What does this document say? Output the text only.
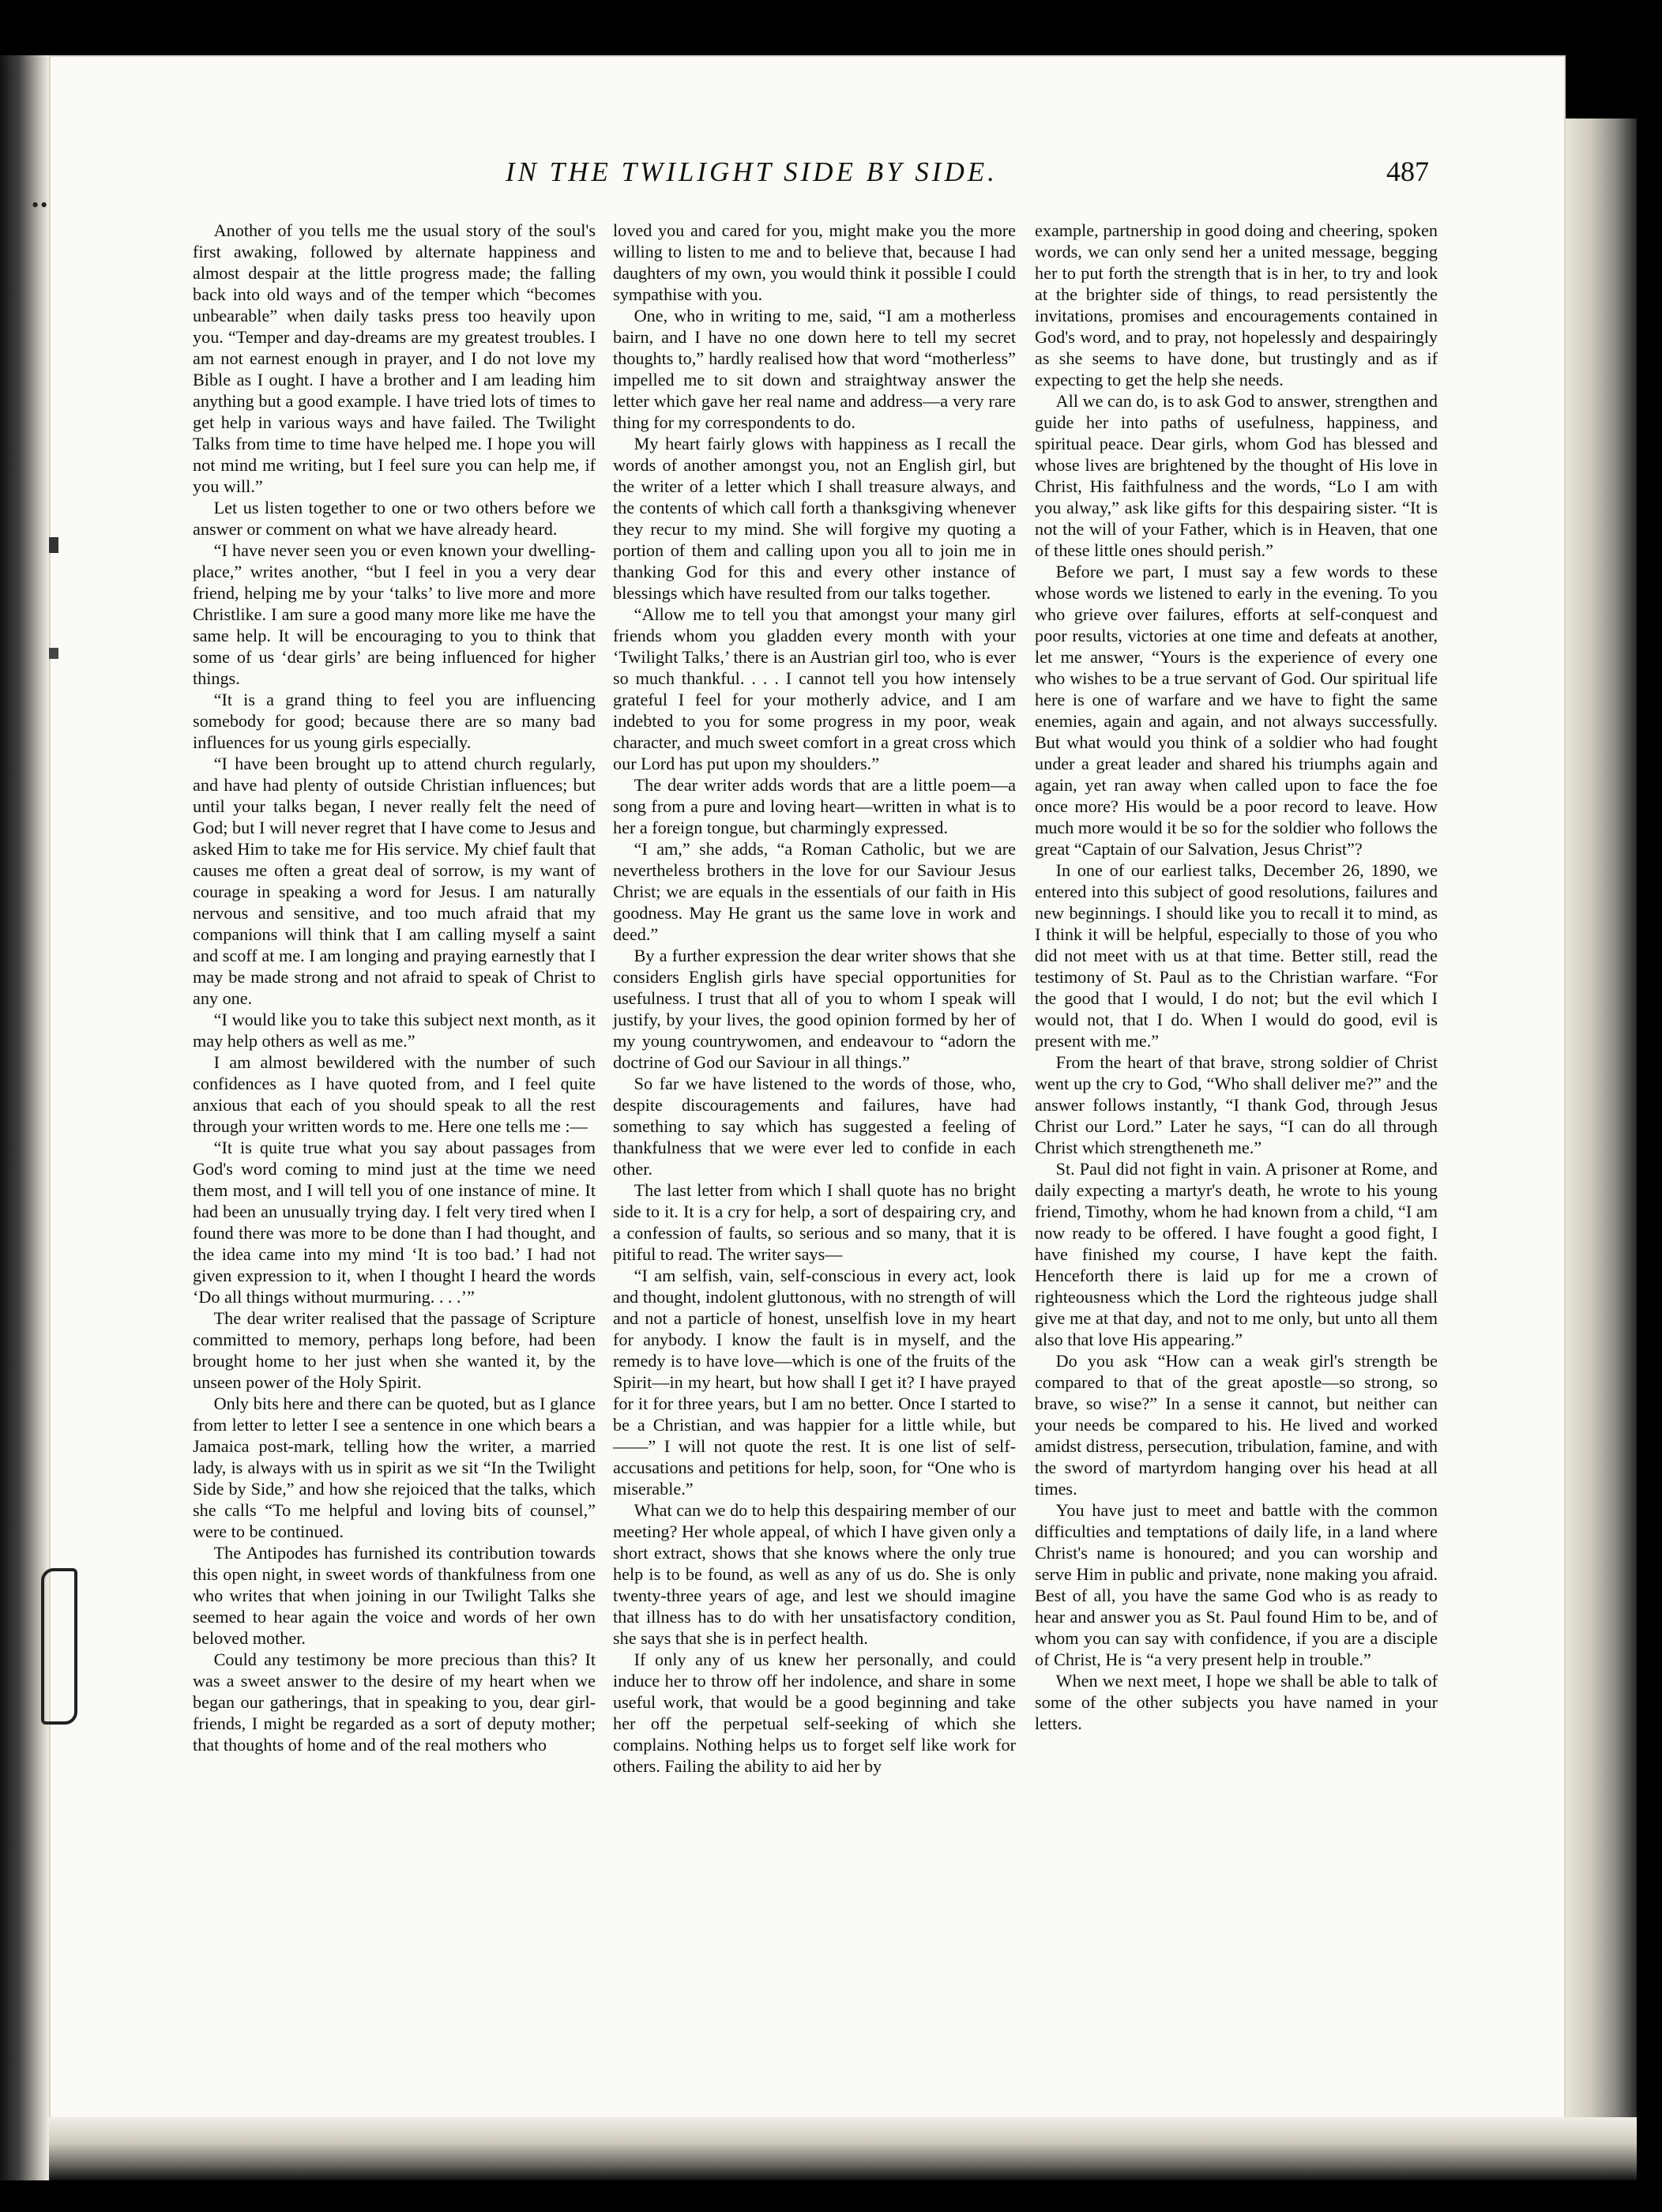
••
IN THE TWILIGHT SIDE BY SIDE.	487

Another of you tells me the usual story of the soul's first awaking, followed by alternate happiness and almost despair at the little progress made; the falling back into old ways and of the temper which “becomes unbearable” when daily tasks press too heavily upon you. “Temper and day-dreams are my greatest troubles. I am not earnest enough in prayer, and I do not love my Bible as I ought. I have a brother and I am leading him anything but a good example. I have tried lots of times to get help in various ways and have failed. The Twilight Talks from time to time have helped me. I hope you will not mind me writing, but I feel sure you can help me, if you will.”

Let us listen together to one or two others before we answer or comment on what we have already heard.

“I have never seen you or even known your dwelling-place,” writes another, “but I feel in you a very dear friend, helping me by your ‘talks’ to live more and more Christlike. I am sure a good many more like me have the same help. It will be encouraging to you to think that some of us ‘dear girls’ are being influenced for higher things.

“It is a grand thing to feel you are influencing somebody for good; because there are so many bad influences for us young girls especially.

“I have been brought up to attend church regularly, and have had plenty of outside Christian influences; but until your talks began, I never really felt the need of God; but I will never regret that I have come to Jesus and asked Him to take me for His service. My chief fault that causes me often a great deal of sorrow, is my want of courage in speaking a word for Jesus. I am naturally nervous and sensitive, and too much afraid that my companions will think that I am calling myself a saint and scoff at me. I am longing and praying earnestly that I may be made strong and not afraid to speak of Christ to any one.

“I would like you to take this subject next month, as it may help others as well as me.”

I am almost bewildered with the number of such confidences as I have quoted from, and I feel quite anxious that each of you should speak to all the rest through your written words to me. Here one tells me :—

“It is quite true what you say about passages from God's word coming to mind just at the time we need them most, and I will tell you of one instance of mine. It had been an unusually trying day. I felt very tired when I found there was more to be done than I had thought, and the idea came into my mind ‘It is too bad.’ I had not given expression to it, when I thought I heard the words ‘Do all things without murmuring. . . .’”

The dear writer realised that the passage of Scripture committed to memory, perhaps long before, had been brought home to her just when she wanted it, by the unseen power of the Holy Spirit.

Only bits here and there can be quoted, but as I glance from letter to letter I see a sentence in one which bears a Jamaica post-mark, telling how the writer, a married lady, is always with us in spirit as we sit “In the Twilight Side by Side,” and how she rejoiced that the talks, which she calls “To me helpful and loving bits of counsel,” were to be continued.

The Antipodes has furnished its contribution towards this open night, in sweet words of thankfulness from one who writes that when joining in our Twilight Talks she seemed to hear again the voice and words of her own beloved mother.

Could any testimony be more precious than this? It was a sweet answer to the desire of my heart when we began our gatherings, that in speaking to you, dear girl-friends, I might be regarded as a sort of deputy mother; that thoughts of home and of the real mothers who

loved you and cared for you, might make you the more willing to listen to me and to believe that, because I had daughters of my own, you would think it possible I could sympathise with you.

One, who in writing to me, said, “I am a motherless bairn, and I have no one down here to tell my secret thoughts to,” hardly realised how that word “motherless” impelled me to sit down and straightway answer the letter which gave her real name and address—a very rare thing for my correspondents to do.

My heart fairly glows with happiness as I recall the words of another amongst you, not an English girl, but the writer of a letter which I shall treasure always, and the contents of which call forth a thanksgiving whenever they recur to my mind. She will forgive my quoting a portion of them and calling upon you all to join me in thanking God for this and every other instance of blessings which have resulted from our talks together.

“Allow me to tell you that amongst your many girl friends whom you gladden every month with your ‘Twilight Talks,’ there is an Austrian girl too, who is ever so much thankful. . . . I cannot tell you how intensely grateful I feel for your motherly advice, and I am indebted to you for some progress in my poor, weak character, and much sweet comfort in a great cross which our Lord has put upon my shoulders.”

The dear writer adds words that are a little poem—a song from a pure and loving heart—written in what is to her a foreign tongue, but charmingly expressed.

“I am,” she adds, “a Roman Catholic, but we are nevertheless brothers in the love for our Saviour Jesus Christ; we are equals in the essentials of our faith in His goodness. May He grant us the same love in work and deed.”

By a further expression the dear writer shows that she considers English girls have special opportunities for usefulness. I trust that all of you to whom I speak will justify, by your lives, the good opinion formed by her of my young countrywomen, and endeavour to “adorn the doctrine of God our Saviour in all things.”

So far we have listened to the words of those, who, despite discouragements and failures, have had something to say which has suggested a feeling of thankfulness that we were ever led to confide in each other.

The last letter from which I shall quote has no bright side to it. It is a cry for help, a sort of despairing cry, and a confession of faults, so serious and so many, that it is pitiful to read. The writer says—

“I am selfish, vain, self-conscious in every act, look and thought, indolent gluttonous, with no strength of will and not a particle of honest, unselfish love in my heart for anybody. I know the fault is in myself, and the remedy is to have love—which is one of the fruits of the Spirit—in my heart, but how shall I get it? I have prayed for it for three years, but I am no better. Once I started to be a Christian, and was happier for a little while, but——” I will not quote the rest. It is one list of self-accusations and petitions for help, soon, for “One who is miserable.”

What can we do to help this despairing member of our meeting? Her whole appeal, of which I have given only a short extract, shows that she knows where the only true help is to be found, as well as any of us do. She is only twenty-three years of age, and lest we should imagine that illness has to do with her unsatisfactory condition, she says that she is in perfect health.

If only any of us knew her personally, and could induce her to throw off her indolence, and share in some useful work, that would be a good beginning and take her off the perpetual self-seeking of which she complains. Nothing helps us to forget self like work for others. Failing the ability to aid her by

example, partnership in good doing and cheering, spoken words, we can only send her a united message, begging her to put forth the strength that is in her, to try and look at the brighter side of things, to read persistently the invitations, promises and encouragements contained in God's word, and to pray, not hopelessly and despairingly as she seems to have done, but trustingly and as if expecting to get the help she needs.

All we can do, is to ask God to answer, strengthen and guide her into paths of usefulness, happiness, and spiritual peace. Dear girls, whom God has blessed and whose lives are brightened by the thought of His love in Christ, His faithfulness and the words, “Lo I am with you alway,” ask like gifts for this despairing sister. “It is not the will of your Father, which is in Heaven, that one of these little ones should perish.”

Before we part, I must say a few words to these whose words we listened to early in the evening. To you who grieve over failures, efforts at self-conquest and poor results, victories at one time and defeats at another, let me answer, “Yours is the experience of every one who wishes to be a true servant of God. Our spiritual life here is one of warfare and we have to fight the same enemies, again and again, and not always successfully. But what would you think of a soldier who had fought under a great leader and shared his triumphs again and again, yet ran away when called upon to face the foe once more? His would be a poor record to leave. How much more would it be so for the soldier who follows the great “Captain of our Salvation, Jesus Christ”?

In one of our earliest talks, December 26, 1890, we entered into this subject of good resolutions, failures and new beginnings. I should like you to recall it to mind, as I think it will be helpful, especially to those of you who did not meet with us at that time. Better still, read the testimony of St. Paul as to the Christian warfare. “For the good that I would, I do not; but the evil which I would not, that I do. When I would do good, evil is present with me.”

From the heart of that brave, strong soldier of Christ went up the cry to God, “Who shall deliver me?” and the answer follows instantly, “I thank God, through Jesus Christ our Lord.” Later he says, “I can do all through Christ which strengtheneth me.”

St. Paul did not fight in vain. A prisoner at Rome, and daily expecting a martyr's death, he wrote to his young friend, Timothy, whom he had known from a child, “I am now ready to be offered. I have fought a good fight, I have finished my course, I have kept the faith. Henceforth there is laid up for me a crown of righteousness which the Lord the righteous judge shall give me at that day, and not to me only, but unto all them also that love His appearing.”

Do you ask “How can a weak girl's strength be compared to that of the great apostle—so strong, so brave, so wise?” In a sense it cannot, but neither can your needs be compared to his. He lived and worked amidst distress, persecution, tribulation, famine, and with the sword of martyrdom hanging over his head at all times.

You have just to meet and battle with the common difficulties and temptations of daily life, in a land where Christ's name is honoured; and you can worship and serve Him in public and private, none making you afraid. Best of all, you have the same God who is as ready to hear and answer you as St. Paul found Him to be, and of whom you can say with confidence, if you are a disciple of Christ, He is “a very present help in trouble.”

When we next meet, I hope we shall be able to talk of some of the other subjects you have named in your letters.
